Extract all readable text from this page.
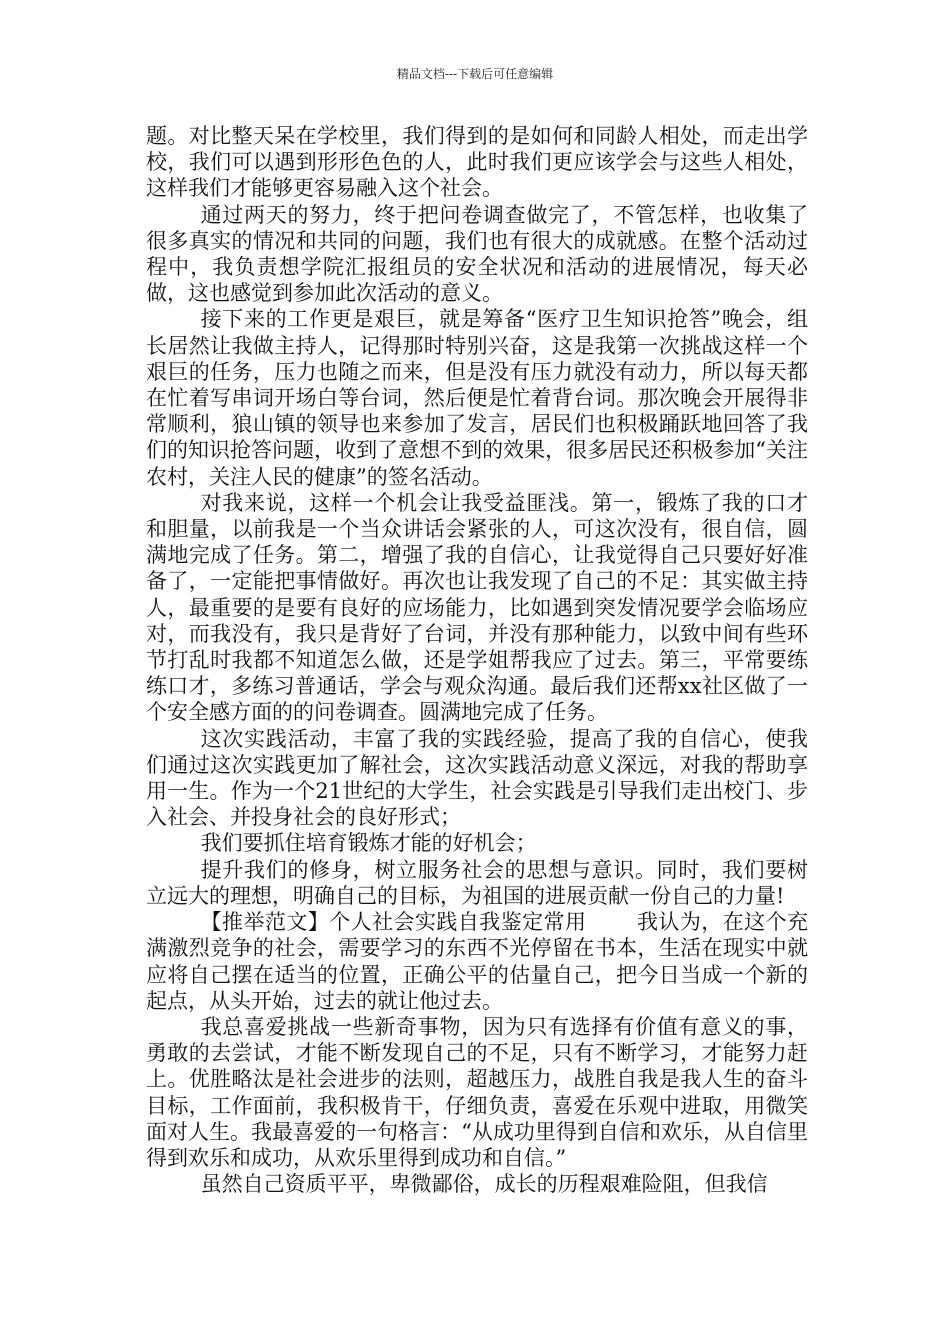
精品文档---下载后可任意编辑

题。对比整天呆在学校里，我们得到的是如何和同龄人相处，而走出学校，我们可以遇到形形色色的人，此时我们更应该学会与这些人相处，这样我们才能够更容易融入这个社会。

通过两天的努力，终于把问卷调查做完了，不管怎样，也收集了很多真实的情况和共同的问题，我们也有很大的成就感。在整个活动过程中，我负责想学院汇报组员的安全状况和活动的进展情况，每天必做，这也感觉到参加此次活动的意义。

接下来的工作更是艰巨，就是筹备“医疗卫生知识抢答”晚会，组长居然让我做主持人，记得那时特别兴奋，这是我第一次挑战这样一个艰巨的任务，压力也随之而来，但是没有压力就没有动力，所以每天都在忙着写串词开场白等台词，然后便是忙着背台词。那次晚会开展得非常顺利，狼山镇的领导也来参加了发言，居民们也积极踊跃地回答了我们的知识抢答问题，收到了意想不到的效果，很多居民还积极参加“关注农村，关注人民的健康”的签名活动。

对我来说，这样一个机会让我受益匪浅。第一，锻炼了我的口才和胆量，以前我是一个当众讲话会紧张的人，可这次没有，很自信，圆满地完成了任务。第二，增强了我的自信心，让我觉得自己只要好好准备了，一定能把事情做好。再次也让我发现了自己的不足：其实做主持人，最重要的是要有良好的应场能力，比如遇到突发情况要学会临场应对，而我没有，我只是背好了台词，并没有那种能力，以致中间有些环节打乱时我都不知道怎么做，还是学姐帮我应了过去。第三，平常要练练口才，多练习普通话，学会与观众沟通。最后我们还帮xx社区做了一个安全感方面的的问卷调查。圆满地完成了任务。

这次实践活动，丰富了我的实践经验，提高了我的自信心，使我们通过这次实践更加了解社会，这次实践活动意义深远，对我的帮助享用一生。作为一个21世纪的大学生，社会实践是引导我们走出校门、步入社会、并投身社会的良好形式；

我们要抓住培育锻炼才能的好机会；

提升我们的修身，树立服务社会的思想与意识。同时，我们要树立远大的理想，明确自己的目标，为祖国的进展贡献一份自己的力量!

【推举范文】个人社会实践自我鉴定常用 我认为，在这个充满激烈竞争的社会，需要学习的东西不光停留在书本，生活在现实中就应将自己摆在适当的位置，正确公平的估量自己，把今日当成一个新的起点，从头开始，过去的就让他过去。

我总喜爱挑战一些新奇事物，因为只有选择有价值有意义的事，勇敢的去尝试，才能不断发现自己的不足，只有不断学习，才能努力赶上。优胜略汰是社会进步的法则，超越压力，战胜自我是我人生的奋斗目标，工作面前，我积极肯干，仔细负责，喜爱在乐观中进取，用微笑面对人生。我最喜爱的一句格言：“从成功里得到自信和欢乐，从自信里得到欢乐和成功，从欢乐里得到成功和自信。”

虽然自己资质平平，卑微鄙俗，成长的历程艰难险阻，但我信
